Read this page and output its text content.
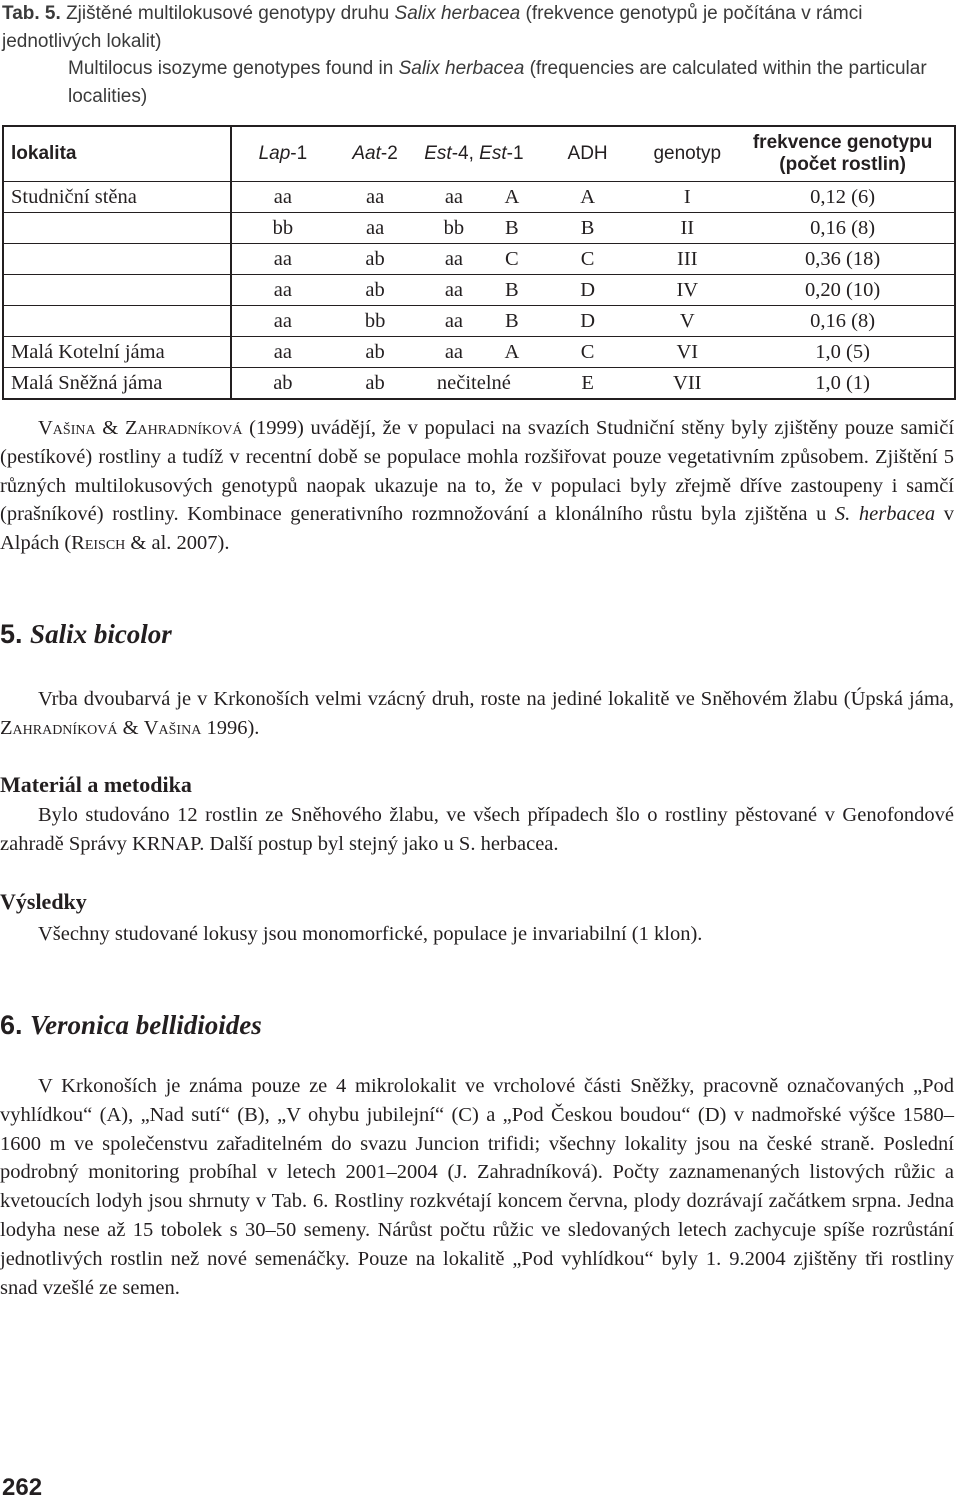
Tab. 5. Zjištěné multilokusové genotypy druhu Salix herbacea (frekvence genotypů je počítána v rámci jednotlivých lokalit)
Multilocus isozyme genotypes found in Salix herbacea (frequencies are calculated within the particular localities)
lokalita	Lap-1	Aat-2	Est-4, Est-1		ADH	genotyp	frekvence genotypu
(počet rostlin)

Studniční stěna	aa	aa	aa	A	A	I	0,12 (6)
	bb	aa	bb	B	B	II	0,16 (8)
	aa	ab	aa	C	C	III	0,36 (18)
	aa	ab	aa	B	D	IV	0,20 (10)
	aa	bb	aa	B	D	V	0,16 (8)
Malá Kotelní jáma	aa	ab	aa	A	C	VI	1,0 (5)
Malá Sněžná jáma	ab	ab	nečitelné		E	VII	1,0 (1)
Vašina & Zahradníková (1999) uvádějí, že v populaci na svazích Studniční stěny byly zjištěny pouze samičí (pestíkové) rostliny a tudíž v recentní době se populace mohla rozšiřovat pouze vegetativním způsobem. Zjištění 5 různých multilokusových genotypů naopak ukazuje na to, že v populaci byly zřejmě dříve zastoupeny i samčí (prašníkové) rostliny. Kombinace generativního rozmnožování a klonálního růstu byla zjištěna u S. herbacea v Alpách (Reisch & al. 2007).
5. Salix bicolor
Vrba dvoubarvá je v Krkonoších velmi vzácný druh, roste na jediné lokalitě ve Sněhovém žlabu (Úpská jáma, Zahradníková & Vašina 1996).
Materiál a metodika
Bylo studováno 12 rostlin ze Sněhového žlabu, ve všech případech šlo o rostliny pěstované v Genofondové zahradě Správy KRNAP. Další postup byl stejný jako u S. herbacea.
Výsledky
Všechny studované lokusy jsou monomorfické, populace je invariabilní (1 klon).
6. Veronica bellidioides
V Krkonoších je známa pouze ze 4 mikrolokalit ve vrcholové části Sněžky, pracovně označovaných „Pod vyhlídkou“ (A), „Nad sutí“ (B), „V ohybu jubilejní“ (C) a „Pod Českou boudou“ (D) v nadmořské výšce 1580–1600 m ve společenstvu zařaditelném do svazu Juncion trifidi; všechny lokality jsou na české straně. Poslední podrobný monitoring probíhal v letech 2001–2004 (J. Zahradníková). Počty zaznamenaných listových růžic a kvetoucích lodyh jsou shrnuty v Tab. 6. Rostliny rozkvétají koncem června, plody dozrávají začátkem srpna. Jedna lodyha nese až 15 tobolek s 30–50 semeny. Nárůst počtu růžic ve sledovaných letech zachycuje spíše rozrůstání jednotlivých rostlin než nové semenáčky. Pouze na lokalitě „Pod vyhlídkou“ byly 1. 9.2004 zjištěny tři rostliny snad vzešlé ze semen.
262
